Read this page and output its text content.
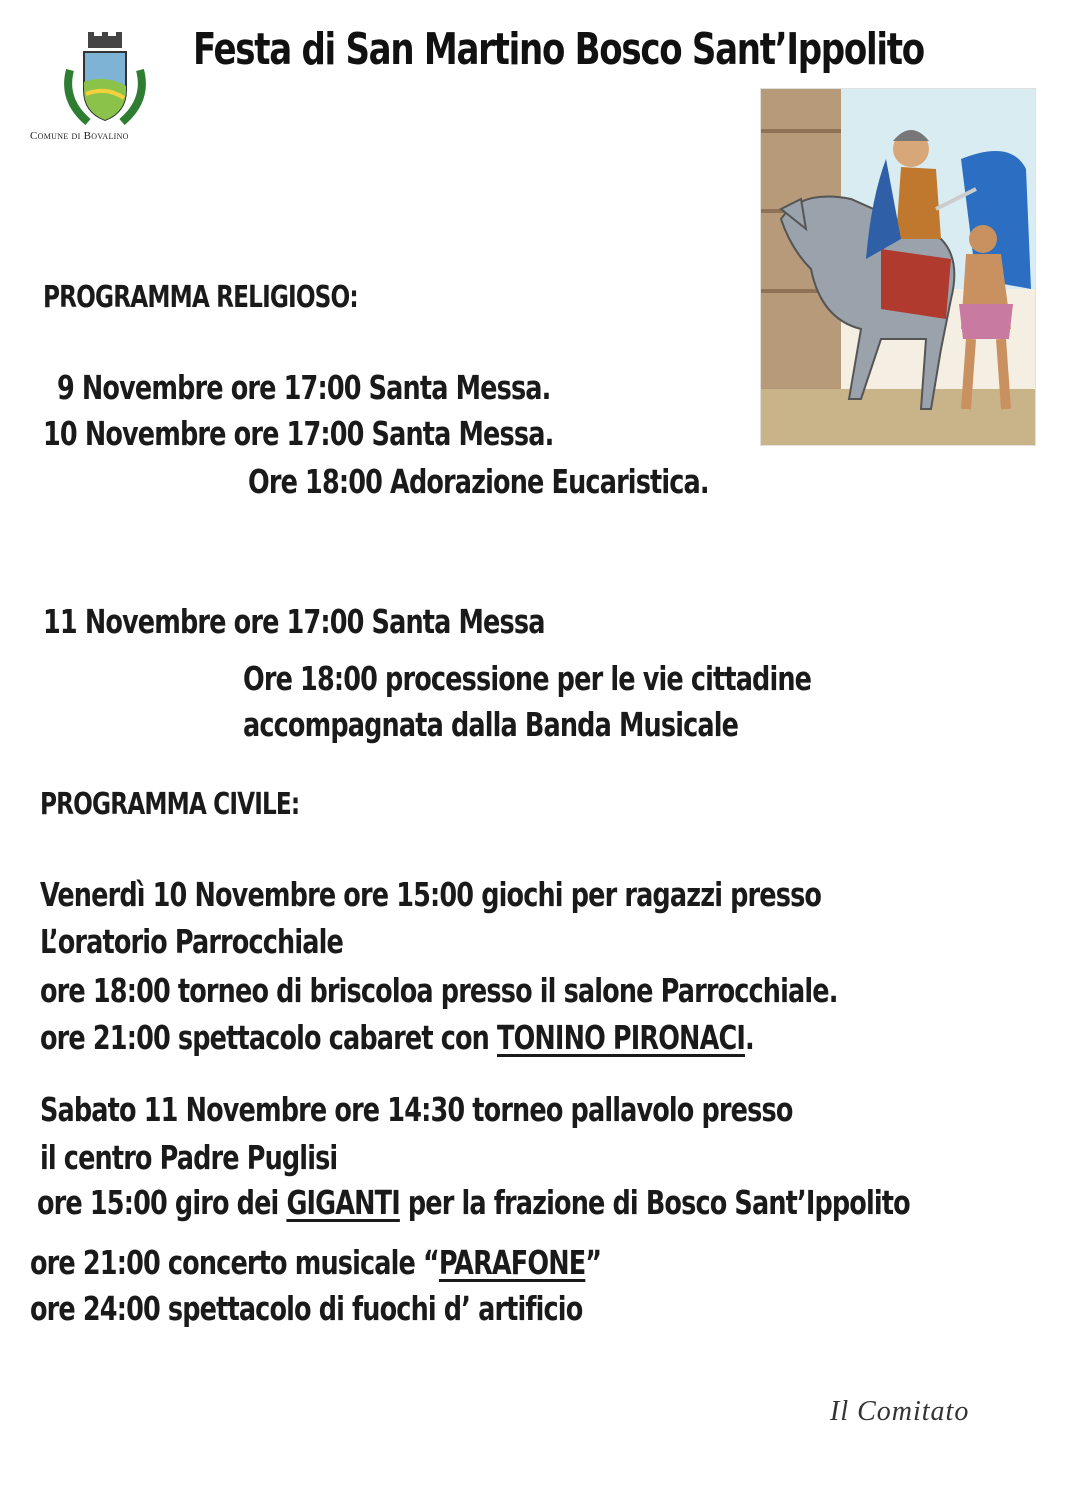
Festa di San Martino Bosco Sant’Ippolito
Comune di Bovalino
PROGRAMMA RELIGIOSO:
9 Novembre ore 17:00 Santa Messa.
10 Novembre ore 17:00 Santa Messa.
Ore 18:00 Adorazione Eucaristica.
11 Novembre ore 17:00 Santa Messa
Ore 18:00 processione per le vie cittadine
accompagnata dalla Banda Musicale
PROGRAMMA CIVILE:
Venerdì 10 Novembre ore 15:00 giochi per ragazzi presso
L’oratorio Parrocchiale
ore 18:00 torneo di briscoloa presso il salone Parrocchiale.
ore 21:00 spettacolo cabaret con TONINO PIRONACI.
Sabato 11 Novembre ore 14:30 torneo pallavolo presso
il centro Padre Puglisi
ore 15:00 giro dei GIGANTI per la frazione di Bosco Sant’Ippolito
ore 21:00 concerto musicale “PARAFONE”
ore 24:00 spettacolo di fuochi d’ artificio
Il Comitato
